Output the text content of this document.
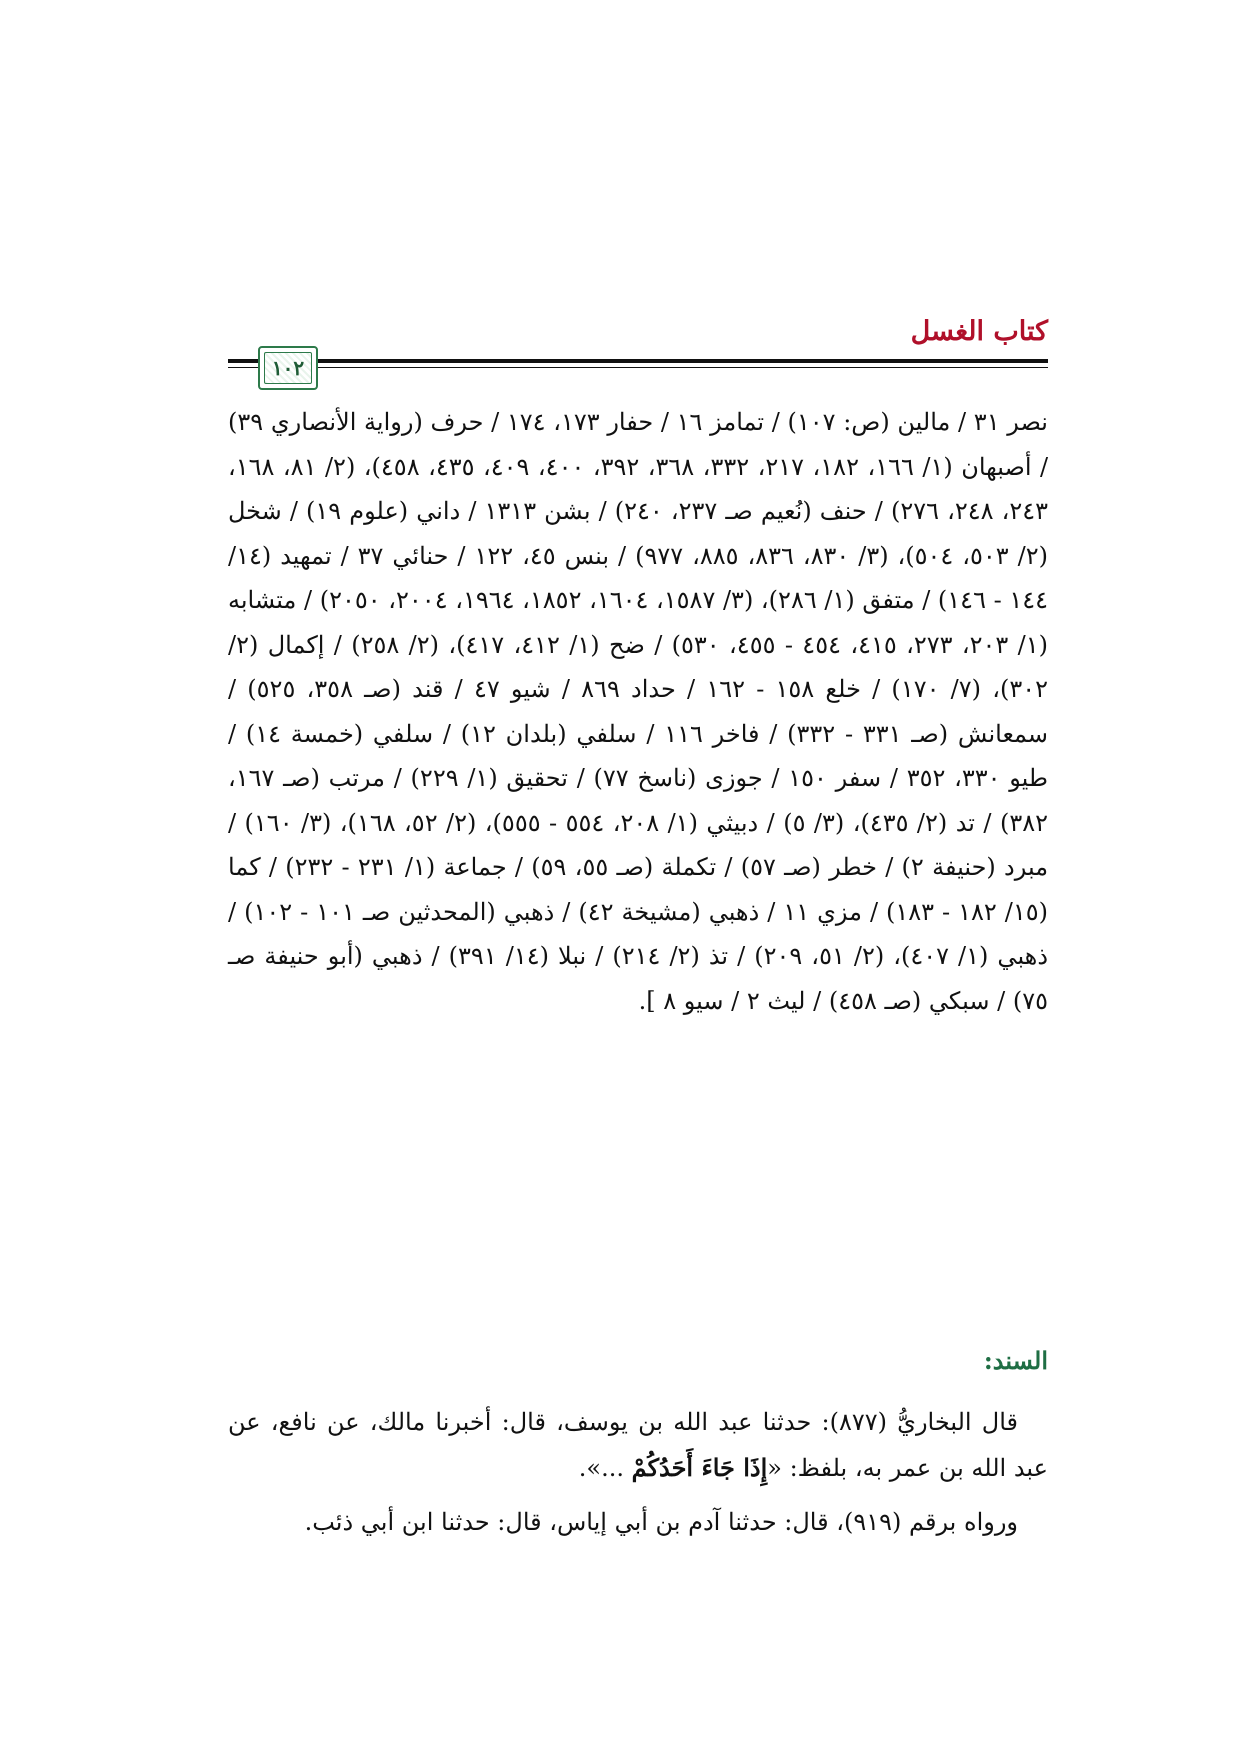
كتاب الغسل
١٠٢

نصر ٣١ / مالين (ص: ١٠٧) / تمامز ١٦ / حفار ١٧٣، ١٧٤ / حرف (رواية الأنصاري ٣٩) / أصبهان (١/ ١٦٦، ١٨٢، ٢١٧، ٣٣٢، ٣٦٨، ٣٩٢، ٤٠٠، ٤٠٩، ٤٣٥، ٤٥٨)، (٢/ ٨١، ١٦٨، ٢٤٣، ٢٤٨، ٢٧٦) / حنف (نُعيم صـ ٢٣٧، ٢٤٠) / بشن ١٣١٣ / داني (علوم ١٩) / شخل (٢/ ٥٠٣، ٥٠٤)، (٣/ ٨٣٠، ٨٣٦، ٨٨٥، ٩٧٧) / بنس ٤٥، ١٢٢ / حنائي ٣٧ / تمهيد (١٤/ ١٤٤ - ١٤٦) / متفق (١/ ٢٨٦)، (٣/ ١٥٨٧، ١٦٠٤، ١٨٥٢، ١٩٦٤، ٢٠٠٤، ٢٠٥٠) / متشابه (١/ ٢٠٣، ٢٧٣، ٤١٥، ٤٥٤ - ٤٥٥، ٥٣٠) / ضح (١/ ٤١٢، ٤١٧)، (٢/ ٢٥٨) / إكمال (٢/ ٣٠٢)، (٧/ ١٧٠) / خلع ١٥٨ - ١٦٢ / حداد ٨٦٩ / شيو ٤٧ / قند (صـ ٣٥٨، ٥٢٥) / سمعانش (صـ ٣٣١ - ٣٣٢) / فاخر ١١٦ / سلفي (بلدان ١٢) / سلفي (خمسة ١٤) / طيو ٣٣٠، ٣٥٢ / سفر ١٥٠ / جوزى (ناسخ ٧٧) / تحقيق (١/ ٢٢٩) / مرتب (صـ ١٦٧، ٣٨٢) / تد (٢/ ٤٣٥)، (٣/ ٥) / دبيثي (١/ ٢٠٨، ٥٥٤ - ٥٥٥)، (٢/ ٥٢، ١٦٨)، (٣/ ١٦٠) / مبرد (حنيفة ٢) / خطر (صـ ٥٧) / تكملة (صـ ٥٥، ٥٩) / جماعة (١/ ٢٣١ - ٢٣٢) / كما (١٥/ ١٨٢ - ١٨٣) / مزي ١١ / ذهبي (مشيخة ٤٢) / ذهبي (المحدثين صـ ١٠١ - ١٠٢) / ذهبي (١/ ٤٠٧)، (٢/ ٥١، ٢٠٩) / تذ (٢/ ٢١٤) / نبلا (١٤/ ٣٩١) / ذهبي (أبو حنيفة صـ ٧٥) / سبكي (صـ ٤٥٨) / ليث ٢ / سيو ٨ ].

السند:
قال البخاريُّ (٨٧٧): حدثنا عبد الله بن يوسف، قال: أخبرنا مالك، عن نافع، عن عبد الله بن عمر به، بلفظ: «إِذَا جَاءَ أَحَدُكُمْ ...».
ورواه برقم (٩١٩)، قال: حدثنا آدم بن أبي إياس، قال: حدثنا ابن أبي ذئب.
